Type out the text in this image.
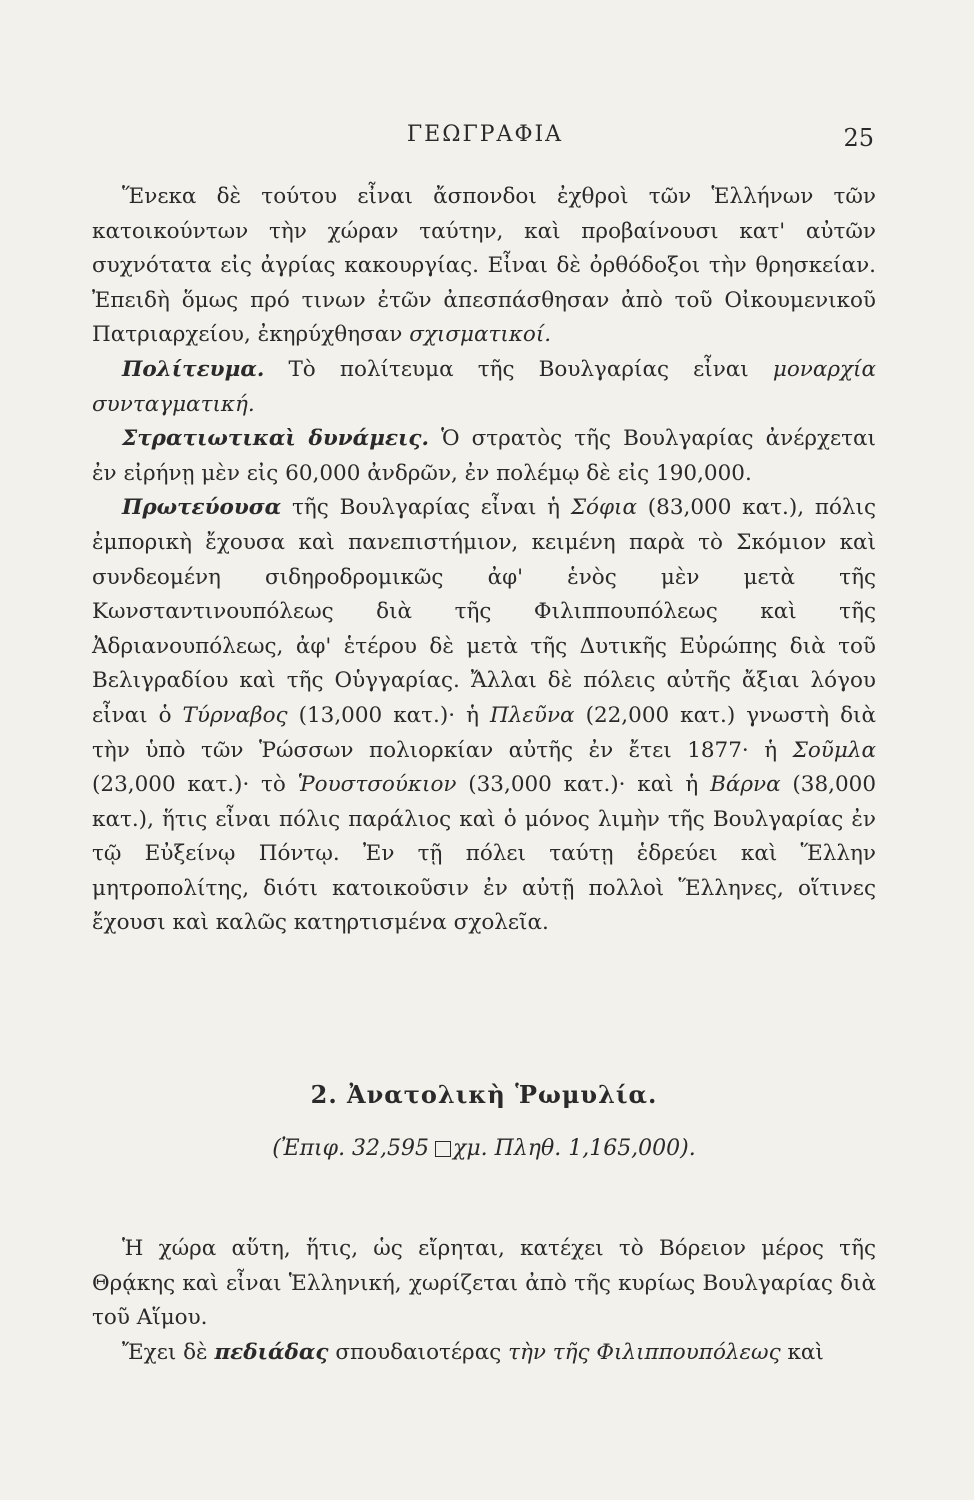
ΓΕΩΓΡΑΦΙΑ	25

Ἕνεκα δὲ τούτου εἶναι ἄσπονδοι ἐχθροὶ τῶν Ἑλλήνων τῶν κατοικούντων τὴν χώραν ταύτην, καὶ προβαίνουσι κατ' αὐτῶν συχνότατα εἰς ἀγρίας κακουργίας. Εἶναι δὲ ὀρθόδοξοι τὴν θρησκείαν. Ἐπειδὴ ὅμως πρό τινων ἐτῶν ἀπεσπάσθησαν ἀπὸ τοῦ Οἰκουμενικοῦ Πατριαρχείου, ἐκηρύχθησαν σχισματικοί.

Πολίτευμα. Τὸ πολίτευμα τῆς Βουλγαρίας εἶναι μοναρχία συνταγματική.

Στρατιωτικαὶ δυνάμεις. Ὁ στρατὸς τῆς Βουλγαρίας ἀνέρχεται ἐν εἰρήνῃ μὲν εἰς 60,000 ἀνδρῶν, ἐν πολέμῳ δὲ εἰς 190,000.

Πρωτεύουσα τῆς Βουλγαρίας εἶναι ἡ Σόφια (83,000 κατ.), πόλις ἐμπορικὴ ἔχουσα καὶ πανεπιστήμιον, κειμένη παρὰ τὸ Σκόμιον καὶ συνδεομένη σιδηροδρομικῶς ἀφ' ἑνὸς μὲν μετὰ τῆς Κωνσταντινουπόλεως διὰ τῆς Φιλιππουπόλεως καὶ τῆς Ἀδριανουπόλεως, ἀφ' ἑτέρου δὲ μετὰ τῆς Δυτικῆς Εὐρώπης διὰ τοῦ Βελιγραδίου καὶ τῆς Οὑγγαρίας. Ἄλλαι δὲ πόλεις αὐτῆς ἄξιαι λόγου εἶναι ὁ Τύρναβος (13,000 κατ.)· ἡ Πλεῦνα (22,000 κατ.) γνωστὴ διὰ τὴν ὑπὸ τῶν Ῥώσσων πολιορκίαν αὐτῆς ἐν ἔτει 1877· ἡ Σοῦμλα (23,000 κατ.)· τὸ Ῥουστσούκιον (33,000 κατ.)· καὶ ἡ Βάρνα (38,000 κατ.), ἥτις εἶναι πόλις παράλιος καὶ ὁ μόνος λιμὴν τῆς Βουλγαρίας ἐν τῷ Εὐξείνῳ Πόντῳ. Ἐν τῇ πόλει ταύτῃ ἑδρεύει καὶ Ἕλλην μητροπολίτης, διότι κατοικοῦσιν ἐν αὐτῇ πολλοὶ Ἕλληνες, οἵτινες ἔχουσι καὶ καλῶς κατηρτισμένα σχολεῖα.

2. Ἀνατολικὴ Ῥωμυλία.
(Ἐπιφ. 32,595 χμ. Πληθ. 1,165,000).

Ἡ χώρα αὕτη, ἥτις, ὡς εἴρηται, κατέχει τὸ Βόρειον μέρος τῆς Θρᾴκης καὶ εἶναι Ἑλληνική, χωρίζεται ἀπὸ τῆς κυρίως Βουλγαρίας διὰ τοῦ Αἵμου.

Ἔχει δὲ πεδιάδας σπουδαιοτέρας τὴν τῆς Φιλιππουπόλεως καὶ
